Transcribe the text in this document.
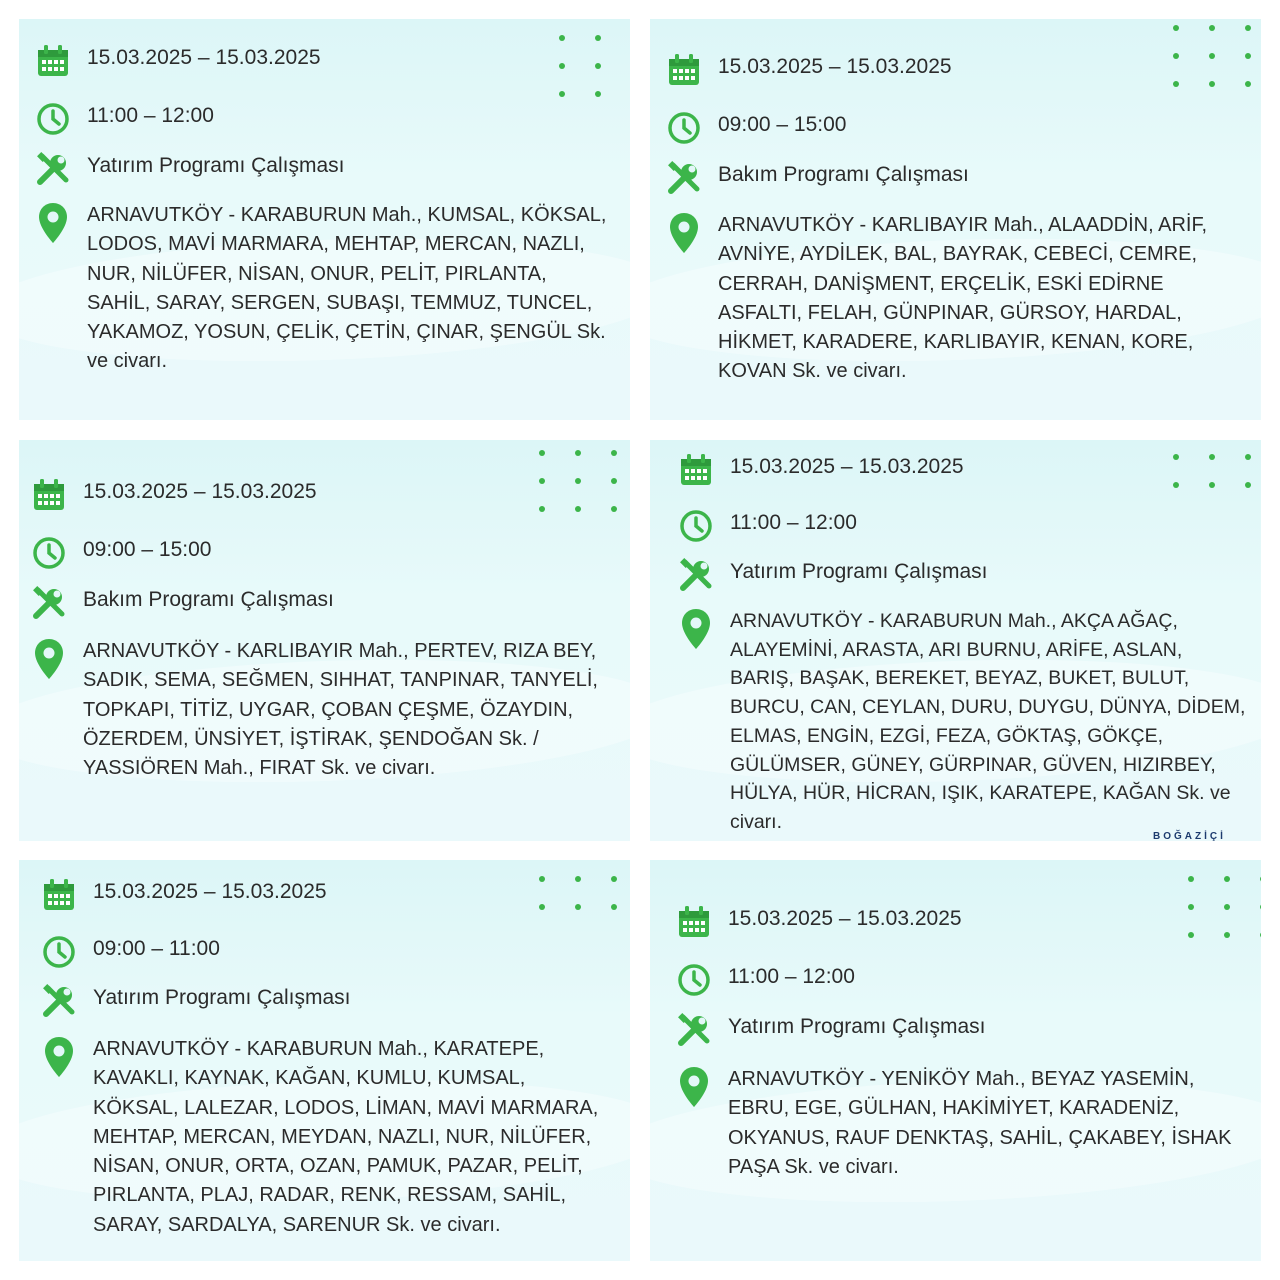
15.03.2025 – 15.03.2025
11:00 – 12:00
Yatırım Programı Çalışması
ARNAVUTKÖY - KARABURUN Mah., KUMSAL, KÖKSAL, LODOS, MAVİ MARMARA, MEHTAP, MERCAN, NAZLI, NUR, NİLÜFER, NİSAN, ONUR, PELİT, PIRLANTA, SAHİL, SARAY, SERGEN, SUBAŞI, TEMMUZ, TUNCEL, YAKAMOZ, YOSUN, ÇELİK, ÇETİN, ÇINAR, ŞENGÜL Sk. ve civarı.
15.03.2025 – 15.03.2025
09:00 – 15:00
Bakım Programı Çalışması
ARNAVUTKÖY - KARLIBAYIR Mah., ALAADDİN, ARİF, AVNİYE, AYDİLEK, BAL, BAYRAK, CEBECİ, CEMRE, CERRAH, DANİŞMENT, ERÇELİK, ESKİ EDİRNE ASFALTI, FELAH, GÜNPINAR, GÜRSOY, HARDAL, HİKMET, KARADERE, KARLIBAYIR, KENAN, KORE, KOVAN Sk. ve civarı.
15.03.2025 – 15.03.2025
09:00 – 15:00
Bakım Programı Çalışması
ARNAVUTKÖY - KARLIBAYIR Mah., PERTEV, RIZA BEY, SADIK, SEMA, SEĞMEN, SIHHAT, TANPINAR, TANYELİ, TOPKAPI, TİTİZ, UYGAR, ÇOBAN ÇEŞME, ÖZAYDIN, ÖZERDEM, ÜNSİYET, İŞTİRAK, ŞENDOĞAN Sk. / YASSIÖREN Mah., FIRAT Sk. ve civarı.
15.03.2025 – 15.03.2025
11:00 – 12:00
Yatırım Programı Çalışması
ARNAVUTKÖY - KARABURUN Mah., AKÇA AĞAÇ, ALAYEMİNİ, ARASTA, ARI BURNU, ARİFE, ASLAN, BARIŞ, BAŞAK, BEREKET, BEYAZ, BUKET, BULUT, BURCU, CAN, CEYLAN, DURU, DUYGU, DÜNYA, DİDEM, ELMAS, ENGİN, EZGİ, FEZA, GÖKTAŞ, GÖKÇE, GÜLÜMSER, GÜNEY, GÜRPINAR, GÜVEN, HIZIRBEY, HÜLYA, HÜR, HİCRAN, IŞIK, KARATEPE, KAĞAN Sk. ve civarı.
BOĞAZİÇİ
15.03.2025 – 15.03.2025
09:00 – 11:00
Yatırım Programı Çalışması
ARNAVUTKÖY - KARABURUN Mah., KARATEPE, KAVAKLI, KAYNAK, KAĞAN, KUMLU, KUMSAL, KÖKSAL, LALEZAR, LODOS, LİMAN, MAVİ MARMARA, MEHTAP, MERCAN, MEYDAN, NAZLI, NUR, NİLÜFER, NİSAN, ONUR, ORTA, OZAN, PAMUK, PAZAR, PELİT, PIRLANTA, PLAJ, RADAR, RENK, RESSAM, SAHİL, SARAY, SARDALYA, SARENUR Sk. ve civarı.
15.03.2025 – 15.03.2025
11:00 – 12:00
Yatırım Programı Çalışması
ARNAVUTKÖY - YENİKÖY Mah., BEYAZ YASEMİN, EBRU, EGE, GÜLHAN, HAKİMİYET, KARADENİZ, OKYANUS, RAUF DENKTAŞ, SAHİL, ÇAKABEY, İSHAK PAŞA Sk. ve civarı.
